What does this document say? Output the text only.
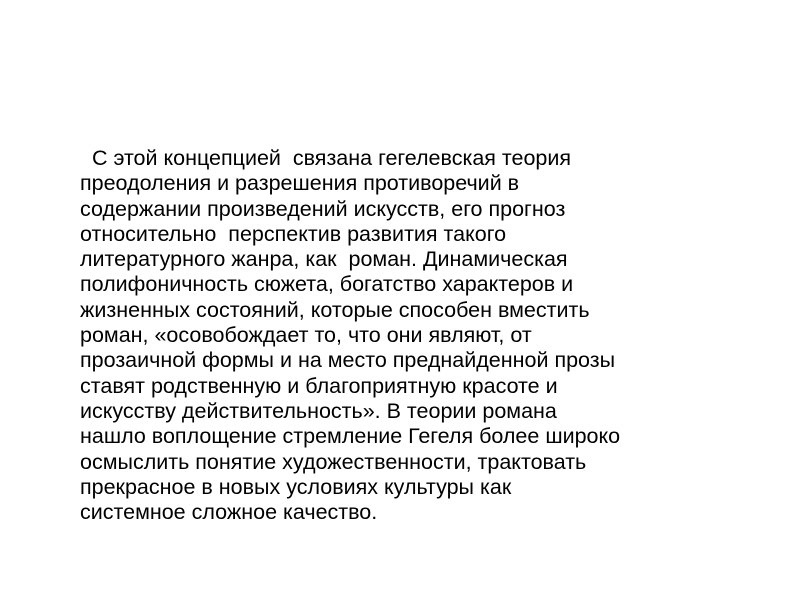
С этой концепцией  связана гегелевская теория
преодоления и разрешения противоречий в
содержании произведений искусств, его прогноз
относительно  перспектив развития такого
литературного жанра, как  роман. Динамическая
полифоничность сюжета, богатство характеров и
жизненных состояний, которые способен вместить
роман, «осовобождает то, что они являют, от
прозаичной формы и на место преднайденной прозы
ставят родственную и благоприятную красоте и
искусству действительность». В теории романа
нашло воплощение стремление Гегеля более широко
осмыслить понятие художественности, трактовать
прекрасное в новых условиях культуры как
системное сложное качество.
